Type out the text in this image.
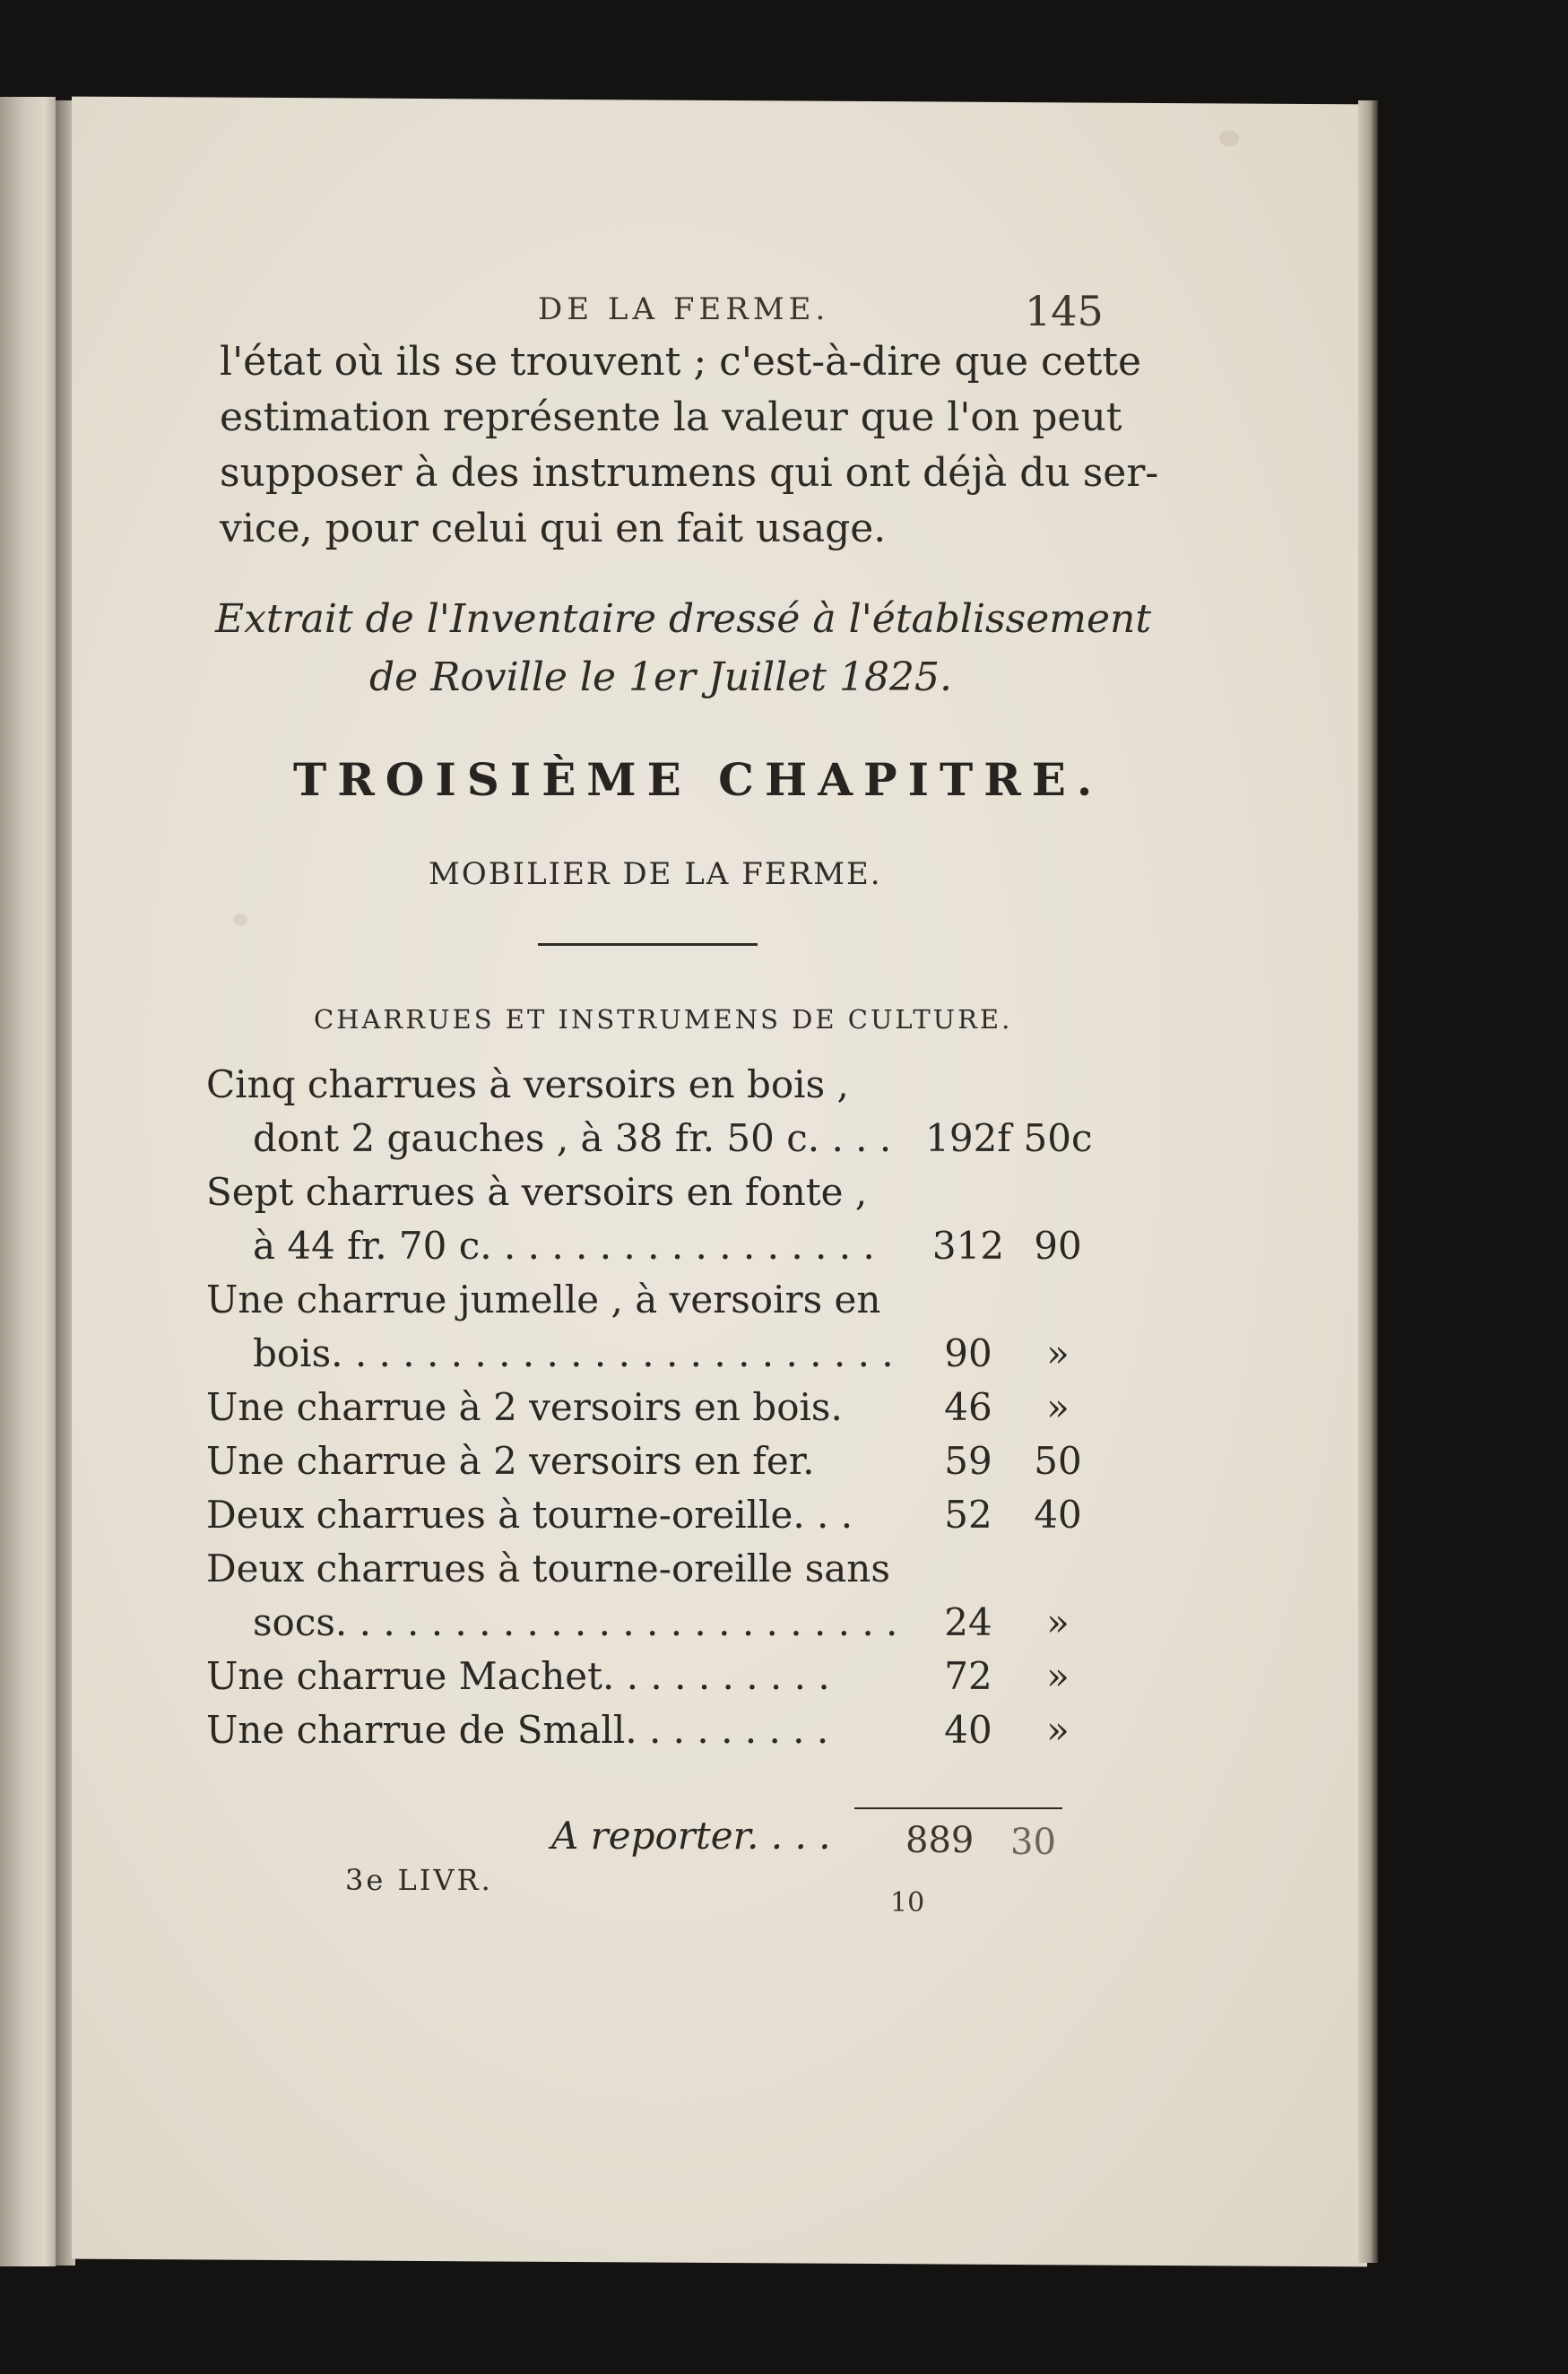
DE LA FERME.	145
l'état où ils se trouvent ; c'est-à-dire que cette
estimation représente la valeur que l'on peut
supposer à des instrumens qui ont déjà du ser-
vice, pour celui qui en fait usage.
Extrait de l'Inventaire dressé à l'établissement
de Roville le 1er Juillet 1825.
TROISIÈME CHAPITRE.
MOBILIER DE LA FERME.
CHARRUES ET INSTRUMENS DE CULTURE.
Cinq charrues à versoirs en bois ,
dont 2 gauches , à 38 fr. 50 c. . . . 192f 50c
Sept charrues à versoirs en fonte ,
à 44 fr. 70 c. . . . . . . . . . . . . . . . . 312 90
Une charrue jumelle , à versoirs en
bois. . . . . . . . . . . . . . . . . . . . . . . .	90	»
Une charrue à 2 versoirs en bois.	46	»
Une charrue à 2 versoirs en fer.	59	50
Deux charrues à tourne-oreille. . .	52	40
Deux charrues à tourne-oreille sans
socs. . . . . . . . . . . . . . . . . . . . . . . .	24	»
Une charrue Machet. . . . . . . . . .	72	»
Une charrue de Small. . . . . . . . .	40	»
A reporter. . . . 889 30
3e LIVR.
10
